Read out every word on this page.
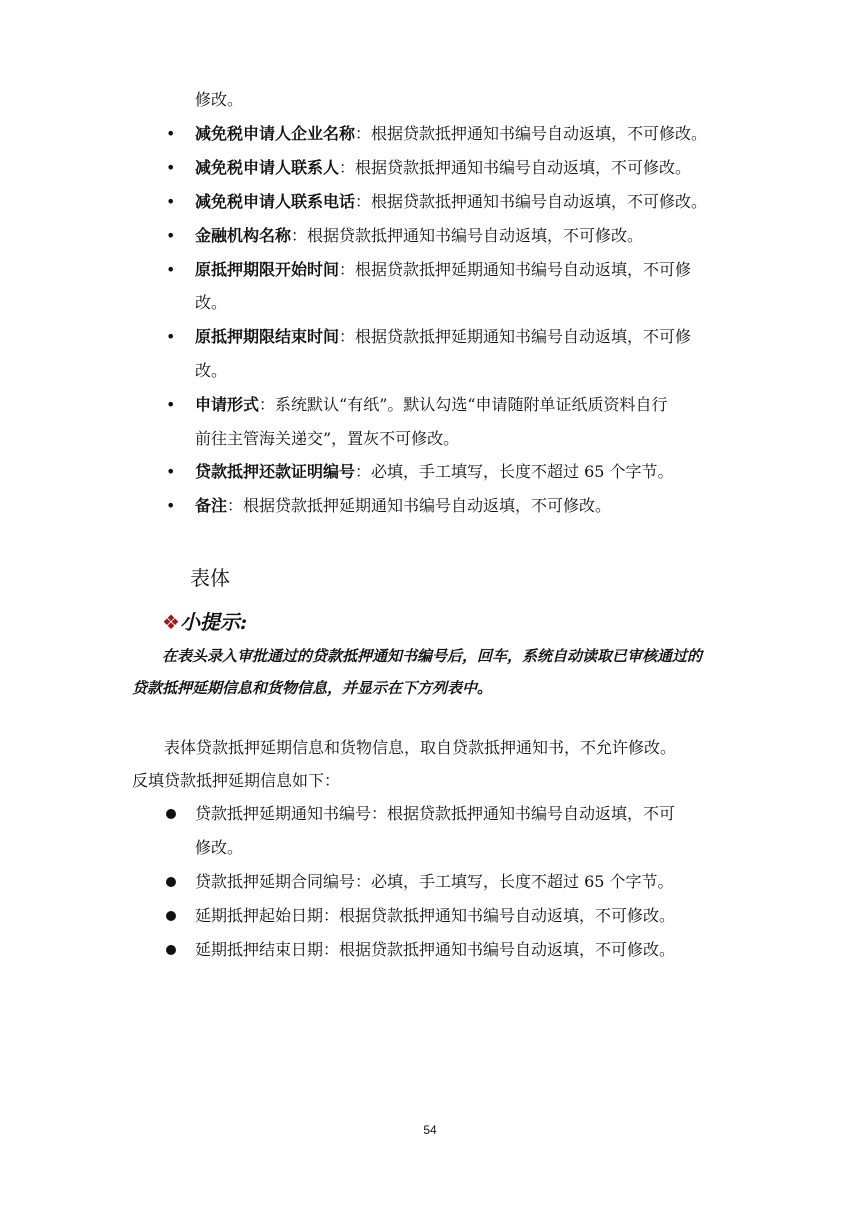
修改。
• 减免税申请人企业名称：根据贷款抵押通知书编号自动返填，不可修改。
• 减免税申请人联系人：根据贷款抵押通知书编号自动返填，不可修改。
• 减免税申请人联系电话：根据贷款抵押通知书编号自动返填，不可修改。
• 金融机构名称：根据贷款抵押通知书编号自动返填，不可修改。
• 原抵押期限开始时间：根据贷款抵押延期通知书编号自动返填，不可修
改。
• 原抵押期限结束时间：根据贷款抵押延期通知书编号自动返填，不可修
改。
• 申请形式：系统默认“有纸”。默认勾选“申请随附单证纸质资料自行
前往主管海关递交”，置灰不可修改。
• 贷款抵押还款证明编号：必填，手工填写，长度不超过 65 个字节。
• 备注：根据贷款抵押延期通知书编号自动返填，不可修改。
表体
❖小提示:
在表头录入审批通过的贷款抵押通知书编号后，回车，系统自动读取已审核通过的
贷款抵押延期信息和货物信息，并显示在下方列表中。
表体贷款抵押延期信息和货物信息，取自贷款抵押通知书，不允许修改。
反填贷款抵押延期信息如下：
贷款抵押延期通知书编号：根据贷款抵押通知书编号自动返填，不可
修改。
贷款抵押延期合同编号：必填，手工填写，长度不超过 65 个字节。
延期抵押起始日期：根据贷款抵押通知书编号自动返填，不可修改。
延期抵押结束日期：根据贷款抵押通知书编号自动返填，不可修改。
54
